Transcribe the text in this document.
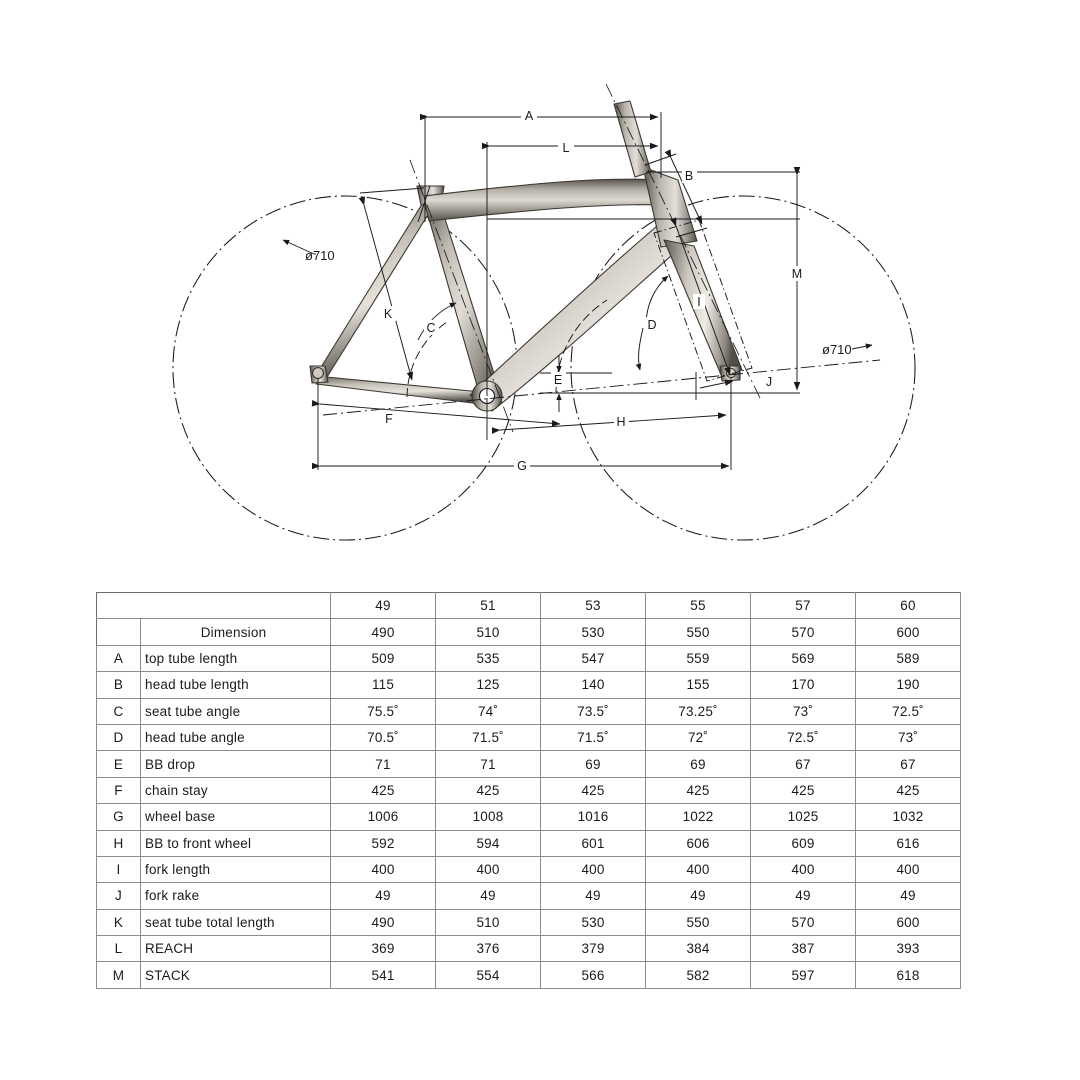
A
L
B
M
C	D
E
F
G
H
I
J
K
ø710
ø710
		49	51	53	55	57	60
	Dimension	490	510	530	550	570	600
A	top tube length	509	535	547	559	569	589
B	head tube length	115	125	140	155	170	190
C	seat tube angle	75.5˚	74˚	73.5˚	73.25˚	73˚	72.5˚
D	head tube angle	70.5˚	71.5˚	71.5˚	72˚	72.5˚	73˚
E	BB drop	71	71	69	69	67	67
F	chain stay	425	425	425	425	425	425
G	wheel base	1006	1008	1016	1022	1025	1032
H	BB to front wheel	592	594	601	606	609	616
I	fork length	400	400	400	400	400	400
J	fork rake	49	49	49	49	49	49
K	seat tube total length	490	510	530	550	570	600
L	REACH	369	376	379	384	387	393
M	STACK	541	554	566	582	597	618
